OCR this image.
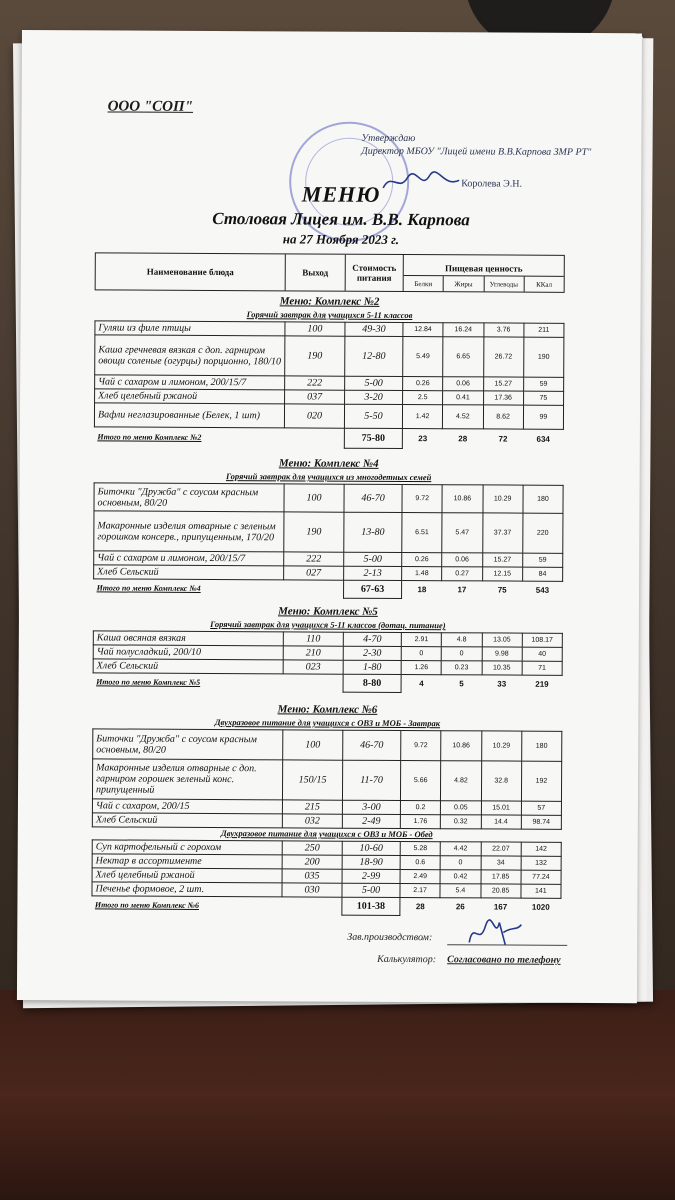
ООО "СОП"
Утверждаю
Директор МБОУ "Лицей имени В.В.Карпова ЗМР РТ"
Королева Э.Н.
МЕНЮ
Столовая Лицея им. В.В. Карпова
на 27 Ноября 2023 г.
Наименование блюда	Выход	Стоимость питания
Пищевая ценность
Белки	Жиры	Углеводы	ККал
Меню: Комплекс №2
Горячий завтрак для учащихся 5-11 классов
Гуляш из филе птицы	100	49-30	12.84	16.24	3.76	211
Каша гречневая вязкая с доп. гарниром овощи соленые (огурцы) порционно, 180/10	190	12-80	5.49	6.65	26.72	190
Чай с сахаром и лимоном, 200/15/7	222	5-00	0.26	0.06	15.27	59
Хлеб целебный ржаной	037	3-20	2.5	0.41	17.36	75
Вафли неглазированные (Белек, 1 шт)	020	5-50	1.42	4.52	8.62	99
Итого по меню Комплекс №2		75-80	23	28	72	634
Меню: Комплекс №4
Горячий завтрак для учащихся из многодетных семей
Биточки "Дружба" с соусом красным основным, 80/20	100	46-70	9.72	10.86	10.29	180
Макаронные изделия отварные с зеленым горошком консерв., припущенным, 170/20	190	13-80	6.51	5.47	37.37	220
Чай с сахаром и лимоном, 200/15/7	222	5-00	0.26	0.06	15.27	59
Хлеб Сельский	027	2-13	1.48	0.27	12.15	84
Итого по меню Комплекс №4		67-63	18	17	75	543
Меню: Комплекс №5
Горячий завтрак для учащихся 5-11 классов (дотац. питание)
Каша овсяная вязкая	110	4-70	2.91	4.8	13.05	108.17
Чай полусладкий, 200/10	210	2-30	0	0	9.98	40
Хлеб Сельский	023	1-80	1.26	0.23	10.35	71
Итого по меню Комплекс №5		8-80	4	5	33	219
Меню: Комплекс №6
Двухразовое питание для учащихся с ОВЗ и МОБ - Завтрак
Биточки "Дружба" с соусом красным основным, 80/20	100	46-70	9.72	10.86	10.29	180
Макаронные изделия отварные с доп. гарниром горошек зеленый конс. припущенный	150/15	11-70	5.66	4.82	32.8	192
Чай с сахаром, 200/15	215	3-00	0.2	0.05	15.01	57
Хлеб Сельский	032	2-49	1.76	0.32	14.4	98.74
Двухразовое питание для учащихся с ОВЗ и МОБ - Обед
Суп картофельный с горохом	250	10-60	5.28	4.42	22.07	142
Нектар в ассортименте	200	18-90	0.6	0	34	132
Хлеб целебный ржаной	035	2-99	2.49	0.42	17.85	77.24
Печенье формовое, 2 шт.	030	5-00	2.17	5.4	20.85	141
Итого по меню Комплекс №6		101-38	28	26	167	1020
Зав.производством:
Калькулятор: Согласовано по телефону
